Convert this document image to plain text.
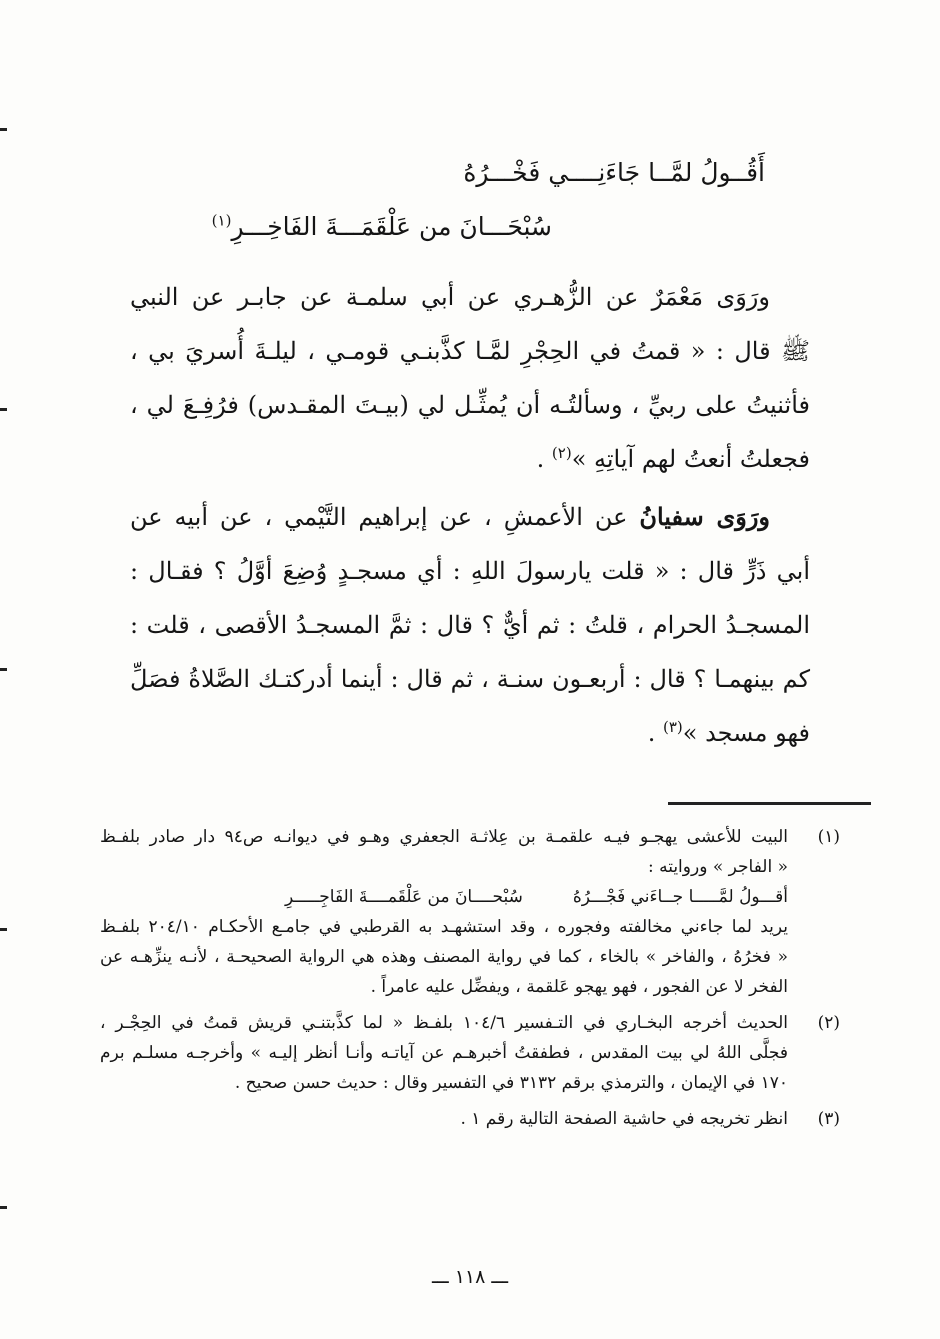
أَقُــولُ لمَّــا جَاءَنِــــي فَخْـــرُهُ
سُبْحَـــانَ من عَلْقَمَـــةَ الفَاخِـــرِ$^{(١)}$
ورَوَى مَعْمَرٌ عن الزُّهـري عن أبي سلمـة عن جابـر عن النبي
ﷺ قال : « قمتُ في الحِجْرِ لمَّـا كذَّبنـي قومـي ، ليلـةَ أُسريَ بي ،
فأثنيتُ على ربيِّ ، وسألتُـه أن يُمثِّـل لي (بيـتَ المقـدس) فرُفِـعَ لي ،
فجعلتُ أنعتُ لهم آياتِهِ »$^{(٢)}$ .
ورَوَى سفيانُ عن الأعمشِ ، عن إبراهيم التَّيْمي ، عن أبيه عن
أبي ذَرٍّ قال : « قلت يارسولَ اللهِ : أي مسجـدٍ وُضِعَ أوَّلُ ؟ فقـال :
المسجـدُ الحرام ، قلتُ : ثم أيٌّ ؟ قال : ثمَّ المسجـدُ الأقصى ، قلت :
كم بينهمـا ؟ قال : أربعـون سنـة ، ثم قال : أينما أدركتـك الصَّلاةُ فصَلِّ
فهو مسجد »$^{(٣)}$ .
(١)
البيت للأعشى يهجـو فيـه علقمـة بن عِلاثـة الجعفري وهـو في ديوانـه ص٩٤ دار صادر بلفـظ
« الفاجر » وروايته :
أقـــولُ لمَّـــــا جــاءَني فَجْـــرُهُ
سُبْحــــانَ من عَلْقَمــــةَ الفَاجِـــــرِ
يريد لما جاءني مخالفته وفجوره ، وقد استشهـد به القرطبي في جامـع الأحكـام ٢٠٤/١٠ بلفـظ
« فخرُهُ ، والفاخر » بالخاء ، كما في رواية المصنف وهذه هي الرواية الصحيحـة ، لأنـه ينزِّهـه عن
الفخر لا عن الفجور ، فهو يهجو عَلقمة ، ويفضِّل عليه عامراً .
(٢)
الحديث أخرجه البخـاري في التـفسير ١٠٤/٦ بلفـظ « لما كذَّبتنـي قريش قمتُ في الحِجْـر ،
فجلَّى اللهُ لي بيت المقدس ، فطفقتُ أخبرهـم عن آياتـه وأنـا أنظر إليـه » وأخرجـه مسلـم برم
١٧٠ في الإيمان ، والترمذي برقم ٣١٣٢ في التفسير وقال : حديث حسن صحيح .
(٣)
انظر تخريجه في حاشية الصفحة التالية رقم ١ .
ـــ ١١٨ ـــ
